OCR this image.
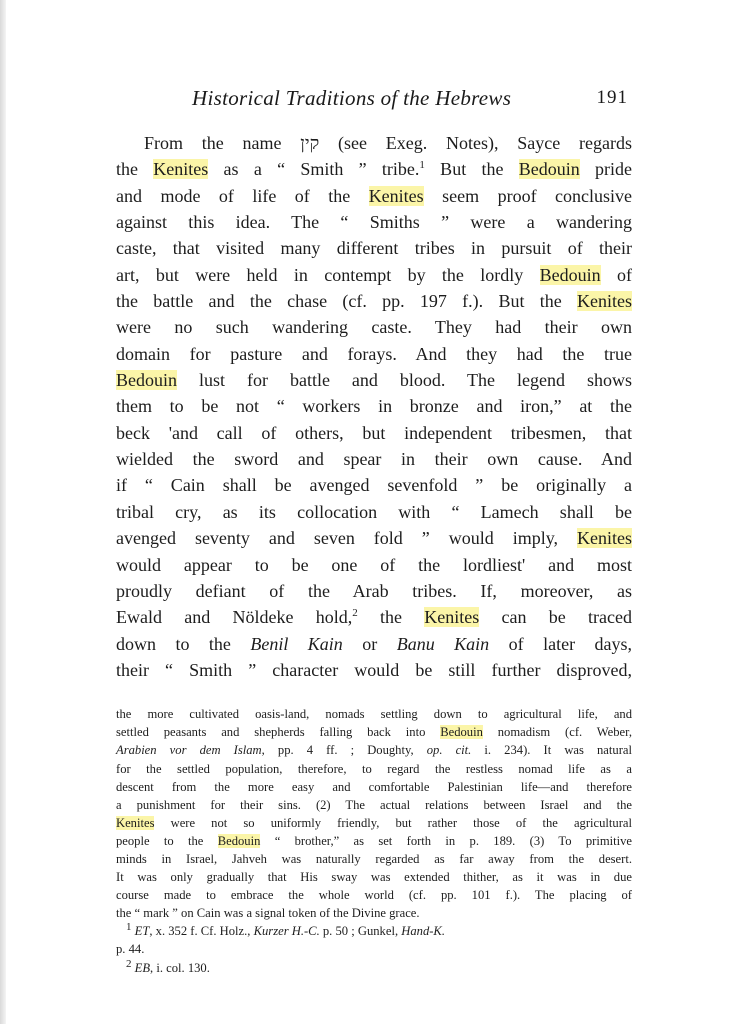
Historical Traditions of the Hebrews	191
From the name קין (see Exeg. Notes), Sayce regards
the Kenites as a “ Smith ” tribe.$^1$ But the Bedouin pride
and mode of life of the Kenites seem proof conclusive
against this idea. The “ Smiths ” were a wandering
caste, that visited many different tribes in pursuit of their
art, but were held in contempt by the lordly Bedouin of
the battle and the chase (cf. pp. 197 f.). But the Kenites
were no such wandering caste. They had their own
domain for pasture and forays. And they had the true
Bedouin lust for battle and blood. The legend shows
them to be not “ workers in bronze and iron,” at the
beck 'and call of others, but independent tribesmen, that
wielded the sword and spear in their own cause. And
if “ Cain shall be avenged sevenfold ” be originally a
tribal cry, as its collocation with “ Lamech shall be
avenged seventy and seven fold ” would imply, Kenites
would appear to be one of the lordliest' and most
proudly defiant of the Arab tribes. If, moreover, as
Ewald and Nöldeke hold,$^2$ the Kenites can be traced
down to the Benil Kain or Banu Kain of later days,
their “ Smith ” character would be still further disproved,
the more cultivated oasis-land, nomads settling down to agricultural life, and
settled peasants and shepherds falling back into Bedouin nomadism (cf. Weber,
Arabien vor dem Islam, pp. 4 ff. ; Doughty, op. cit. i. 234). It was natural
for the settled population, therefore, to regard the restless nomad life as a
descent from the more easy and comfortable Palestinian life—and therefore
a punishment for their sins. (2) The actual relations between Israel and the
Kenites were not so uniformly friendly, but rather those of the agricultural
people to the Bedouin “ brother,” as set forth in p. 189. (3) To primitive
minds in Israel, Jahveh was naturally regarded as far away from the desert.
It was only gradually that His sway was extended thither, as it was in due
course made to embrace the whole world (cf. pp. 101 f.). The placing of
the “ mark ” on Cain was a signal token of the Divine grace.
1 ET, x. 352 f. Cf. Holz., Kurzer H.-C. p. 50 ; Gunkel, Hand-K.
p. 44.
2 EB, i. col. 130.
